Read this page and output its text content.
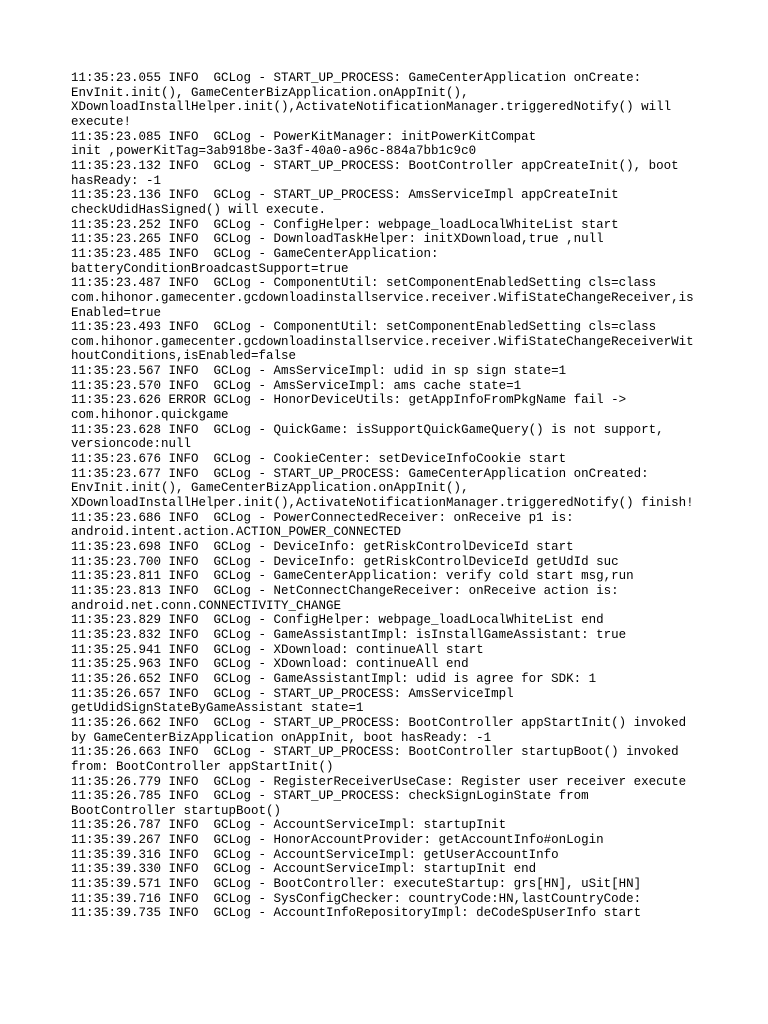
11:35:23.055 INFO  GCLog - START_UP_PROCESS: GameCenterApplication onCreate:
EnvInit.init(), GameCenterBizApplication.onAppInit(),
XDownloadInstallHelper.init(),ActivateNotificationManager.triggeredNotify() will
execute!
11:35:23.085 INFO  GCLog - PowerKitManager: initPowerKitCompat
init ,powerKitTag=3ab918be-3a3f-40a0-a96c-884a7bb1c9c0
11:35:23.132 INFO  GCLog - START_UP_PROCESS: BootController appCreateInit(), boot
hasReady: -1
11:35:23.136 INFO  GCLog - START_UP_PROCESS: AmsServiceImpl appCreateInit
checkUdidHasSigned() will execute.
11:35:23.252 INFO  GCLog - ConfigHelper: webpage_loadLocalWhiteList start
11:35:23.265 INFO  GCLog - DownloadTaskHelper: initXDownload,true ,null
11:35:23.485 INFO  GCLog - GameCenterApplication:
batteryConditionBroadcastSupport=true
11:35:23.487 INFO  GCLog - ComponentUtil: setComponentEnabledSetting cls=class
com.hihonor.gamecenter.gcdownloadinstallservice.receiver.WifiStateChangeReceiver,is
Enabled=true
11:35:23.493 INFO  GCLog - ComponentUtil: setComponentEnabledSetting cls=class
com.hihonor.gamecenter.gcdownloadinstallservice.receiver.WifiStateChangeReceiverWit
houtConditions,isEnabled=false
11:35:23.567 INFO  GCLog - AmsServiceImpl: udid in sp sign state=1
11:35:23.570 INFO  GCLog - AmsServiceImpl: ams cache state=1
11:35:23.626 ERROR GCLog - HonorDeviceUtils: getAppInfoFromPkgName fail ->
com.hihonor.quickgame
11:35:23.628 INFO  GCLog - QuickGame: isSupportQuickGameQuery() is not support,
versioncode:null
11:35:23.676 INFO  GCLog - CookieCenter: setDeviceInfoCookie start
11:35:23.677 INFO  GCLog - START_UP_PROCESS: GameCenterApplication onCreated:
EnvInit.init(), GameCenterBizApplication.onAppInit(),
XDownloadInstallHelper.init(),ActivateNotificationManager.triggeredNotify() finish!
11:35:23.686 INFO  GCLog - PowerConnectedReceiver: onReceive p1 is:
android.intent.action.ACTION_POWER_CONNECTED
11:35:23.698 INFO  GCLog - DeviceInfo: getRiskControlDeviceId start
11:35:23.700 INFO  GCLog - DeviceInfo: getRiskControlDeviceId getUdId suc
11:35:23.811 INFO  GCLog - GameCenterApplication: verify cold start msg,run
11:35:23.813 INFO  GCLog - NetConnectChangeReceiver: onReceive action is:
android.net.conn.CONNECTIVITY_CHANGE
11:35:23.829 INFO  GCLog - ConfigHelper: webpage_loadLocalWhiteList end
11:35:23.832 INFO  GCLog - GameAssistantImpl: isInstallGameAssistant: true
11:35:25.941 INFO  GCLog - XDownload: continueAll start
11:35:25.963 INFO  GCLog - XDownload: continueAll end
11:35:26.652 INFO  GCLog - GameAssistantImpl: udid is agree for SDK: 1
11:35:26.657 INFO  GCLog - START_UP_PROCESS: AmsServiceImpl
getUdidSignStateByGameAssistant state=1
11:35:26.662 INFO  GCLog - START_UP_PROCESS: BootController appStartInit() invoked
by GameCenterBizApplication onAppInit, boot hasReady: -1
11:35:26.663 INFO  GCLog - START_UP_PROCESS: BootController startupBoot() invoked
from: BootController appStartInit()
11:35:26.779 INFO  GCLog - RegisterReceiverUseCase: Register user receiver execute
11:35:26.785 INFO  GCLog - START_UP_PROCESS: checkSignLoginState from
BootController startupBoot()
11:35:26.787 INFO  GCLog - AccountServiceImpl: startupInit
11:35:39.267 INFO  GCLog - HonorAccountProvider: getAccountInfo#onLogin
11:35:39.316 INFO  GCLog - AccountServiceImpl: getUserAccountInfo
11:35:39.330 INFO  GCLog - AccountServiceImpl: startupInit end
11:35:39.571 INFO  GCLog - BootController: executeStartup: grs[HN], uSit[HN]
11:35:39.716 INFO  GCLog - SysConfigChecker: countryCode:HN,lastCountryCode:
11:35:39.735 INFO  GCLog - AccountInfoRepositoryImpl: deCodeSpUserInfo start
